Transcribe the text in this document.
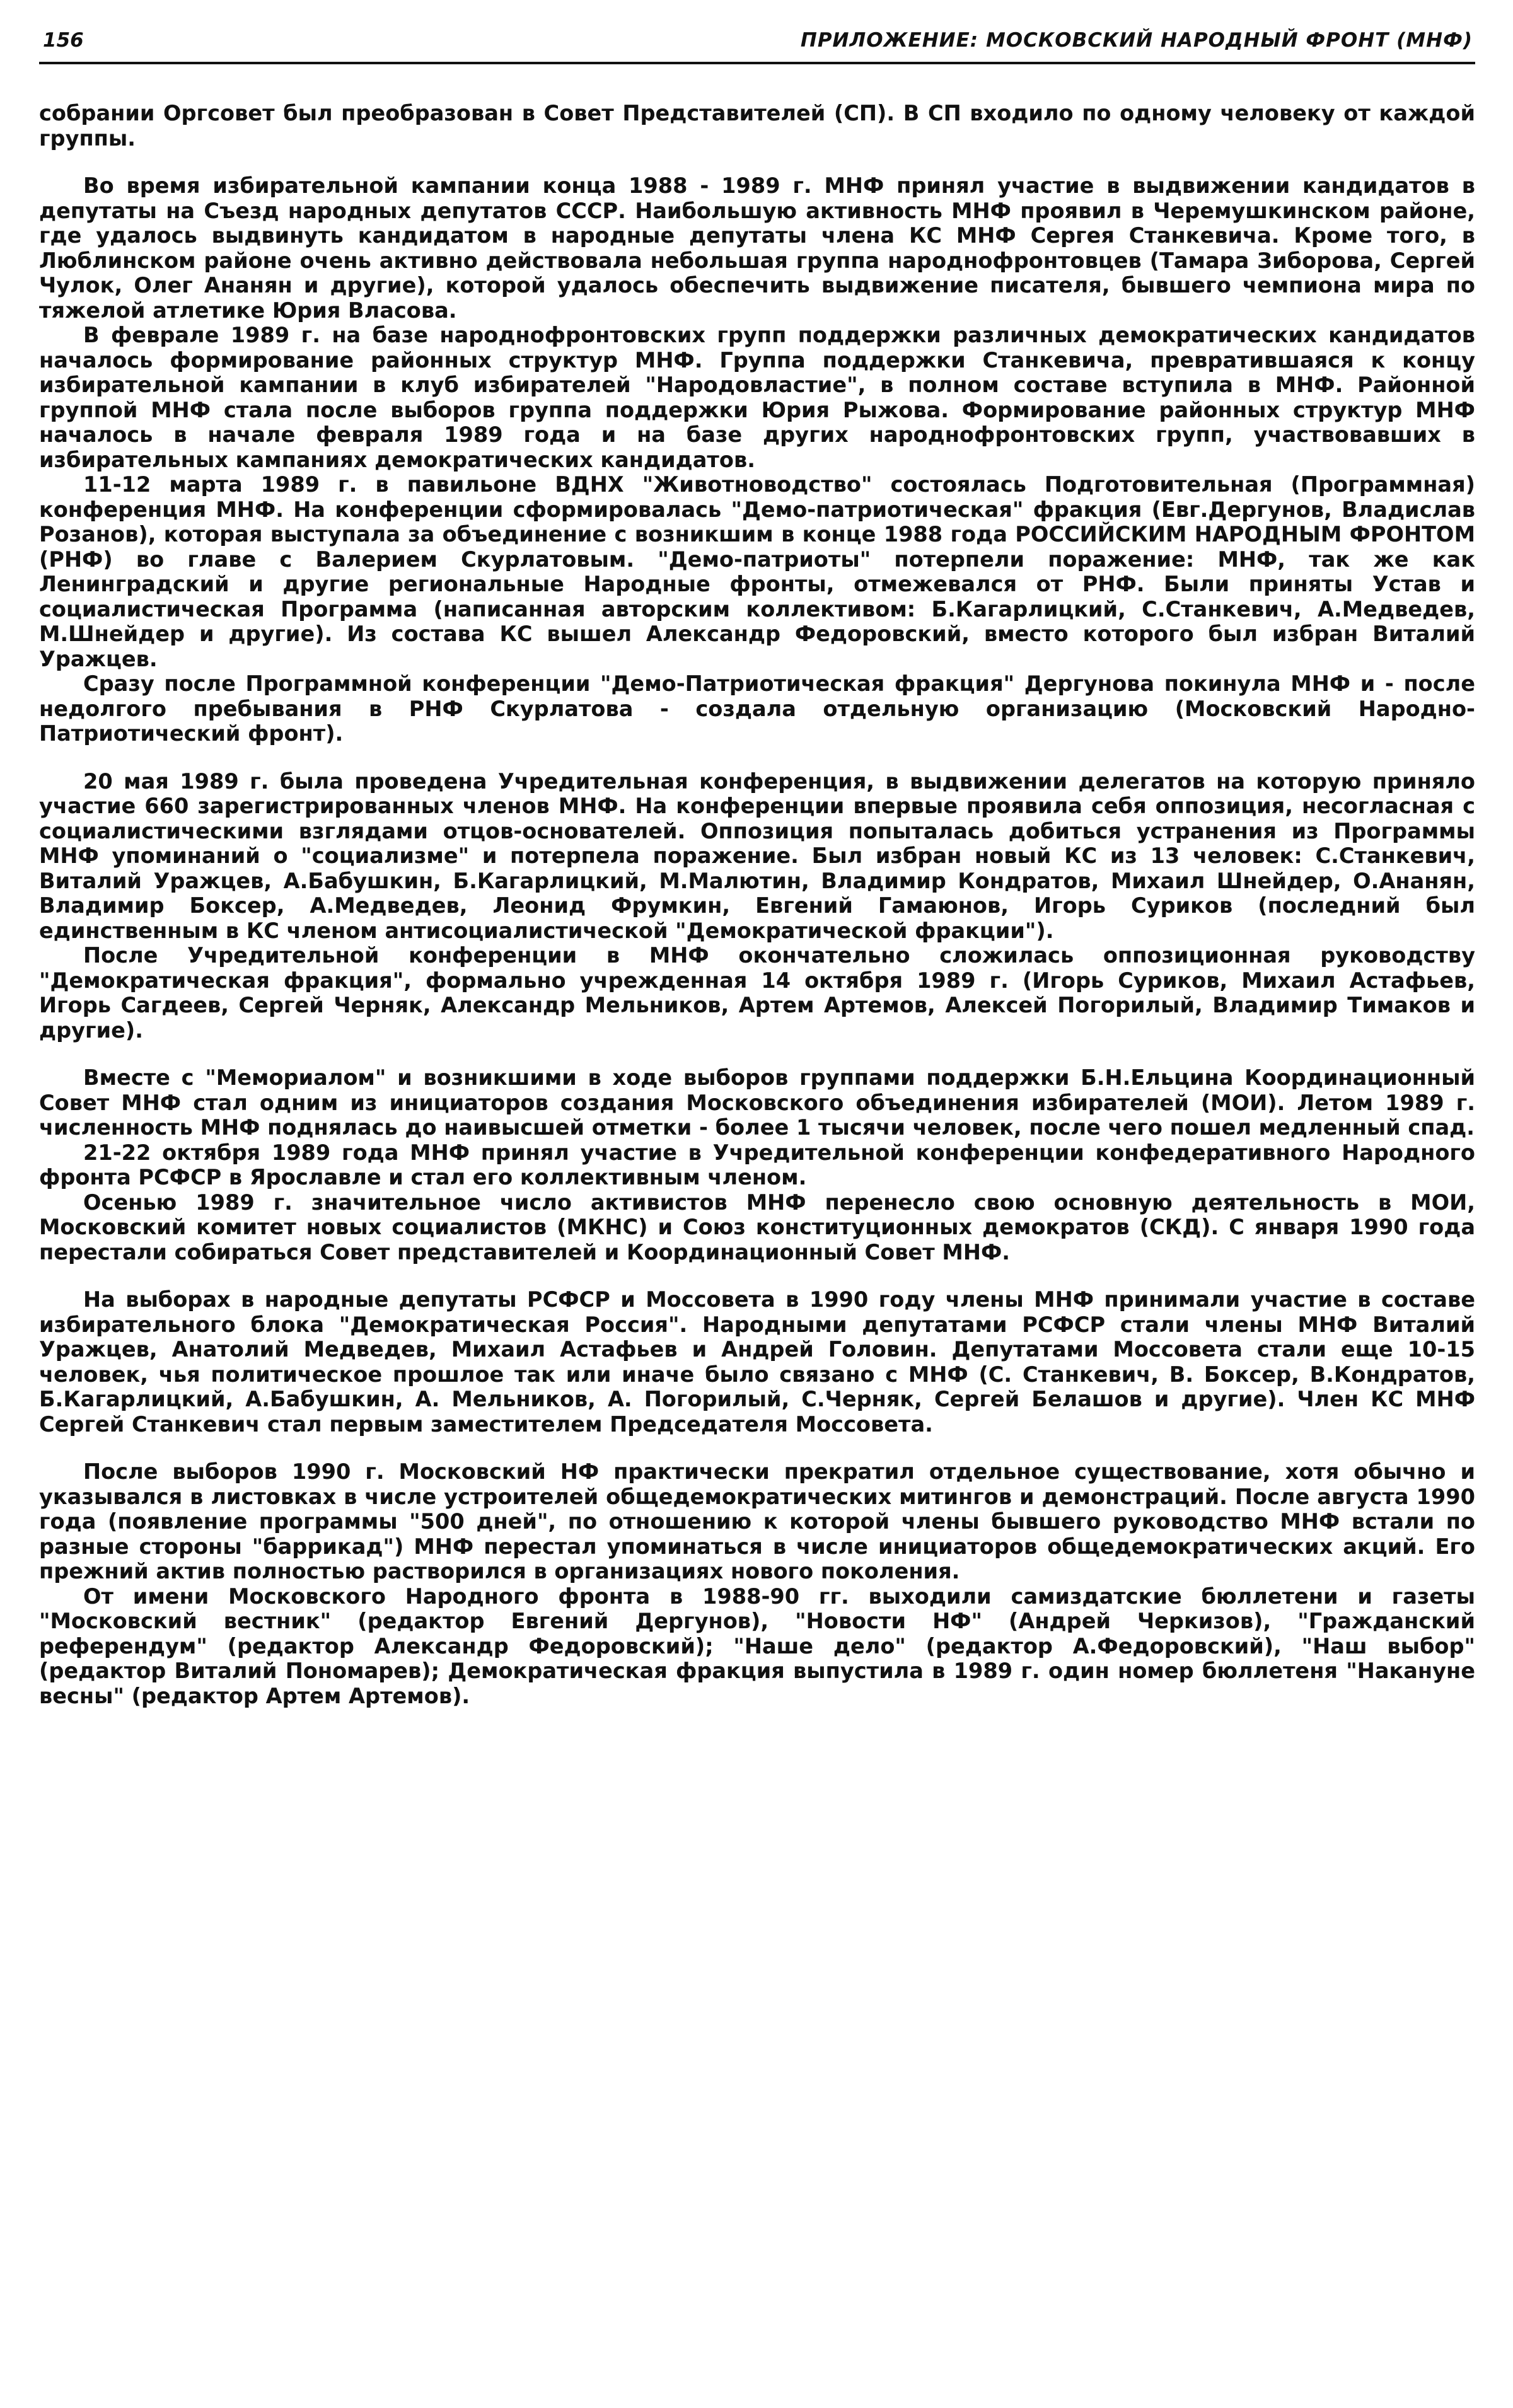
156	ПРИЛОЖЕНИЕ: МОСКОВСКИЙ НАРОДНЫЙ ФРОНТ (МНФ)

собрании Оргсовет был преобразован в Совет Представителей (СП). В СП входило по одному человеку от каждой группы.

Во время избирательной кампании конца 1988 - 1989 г. МНФ принял участие в выдвижении кандидатов в депутаты на Съезд народных депутатов СССР. Наибольшую активность МНФ проявил в Черемушкинском районе, где удалось выдвинуть кандидатом в народные депутаты члена КС МНФ Сергея Станкевича. Кроме того, в Люблинском районе очень активно действовала небольшая группа народнофронтовцев (Тамара Зиборова, Сергей Чулок, Олег Ананян и другие), которой удалось обеспечить выдвижение писателя, бывшего чемпиона мира по тяжелой атлетике Юрия Власова.

В феврале 1989 г. на базе народнофронтовских групп поддержки различных демократических кандидатов началось формирование районных структур МНФ. Группа поддержки Станкевича, превратившаяся к концу избирательной кампании в клуб избирателей "Народовластие", в полном составе вступила в МНФ. Районной группой МНФ стала после выборов группа поддержки Юрия Рыжова. Формирование районных структур МНФ началось в начале февраля 1989 года и на базе других народнофронтовских групп, участвовавших в избирательных кампаниях демократических кандидатов.

11-12 марта 1989 г. в павильоне ВДНХ "Животноводство" состоялась Подготовительная (Программная) конференция МНФ. На конференции сформировалась "Демо-патриотическая" фракция (Евг.Дергунов, Владислав Розанов), которая выступала за объединение с возникшим в конце 1988 года РОССИЙСКИМ НАРОДНЫМ ФРОНТОМ (РНФ) во главе с Валерием Скурлатовым. "Демо-патриоты" потерпели поражение: МНФ, так же как Ленинградский и другие региональные Народные фронты, отмежевался от РНФ. Были приняты Устав и социалистическая Программа (написанная авторским коллективом: Б.Кагарлицкий, С.Станкевич, А.Медведев, М.Шнейдер и другие). Из состава КС вышел Александр Федоровский, вместо которого был избран Виталий Уражцев.

Сразу после Программной конференции "Демо-Патриотическая фракция" Дергунова покинула МНФ и - после недолгого пребывания в РНФ Скурлатова - создала отдельную организацию (Московский Народно-Патриотический фронт).

20 мая 1989 г. была проведена Учредительная конференция, в выдвижении делегатов на которую приняло участие 660 зарегистрированных членов МНФ. На конференции впервые проявила себя оппозиция, несогласная с социалистическими взглядами отцов-основателей. Оппозиция попыталась добиться устранения из Программы МНФ упоминаний о "социализме" и потерпела поражение. Был избран новый КС из 13 человек: С.Станкевич, Виталий Уражцев, А.Бабушкин, Б.Кагарлицкий, М.Малютин, Владимир Кондратов, Михаил Шнейдер, О.Ананян, Владимир Боксер, А.Медведев, Леонид Фрумкин, Евгений Гамаюнов, Игорь Суриков (последний был единственным в КС членом антисоциалистической "Демократической фракции").

После Учредительной конференции в МНФ окончательно сложилась оппозиционная руководству "Демократическая фракция", формально учрежденная 14 октября 1989 г. (Игорь Суриков, Михаил Астафьев, Игорь Сагдеев, Сергей Черняк, Александр Мельников, Артем Артемов, Алексей Погорилый, Владимир Тимаков и другие).

Вместе с "Мемориалом" и возникшими в ходе выборов группами поддержки Б.Н.Ельцина Координационный Совет МНФ стал одним из инициаторов создания Московского объединения избирателей (МОИ). Летом 1989 г. численность МНФ поднялась до наивысшей отметки - более 1 тысячи человек, после чего пошел медленный спад.

21-22 октября 1989 года МНФ принял участие в Учредительной конференции конфедеративного Народного фронта РСФСР в Ярославле и стал его коллективным членом.

Осенью 1989 г. значительное число активистов МНФ перенесло свою основную деятельность в МОИ, Московский комитет новых социалистов (МКНС) и Союз конституционных демократов (СКД). С января 1990 года перестали собираться Совет представителей и Координационный Совет МНФ.

На выборах в народные депутаты РСФСР и Моссовета в 1990 году члены МНФ принимали участие в составе избирательного блока "Демократическая Россия". Народными депутатами РСФСР стали члены МНФ Виталий Уражцев, Анатолий Медведев, Михаил Астафьев и Андрей Головин. Депутатами Моссовета стали еще 10-15 человек, чья политическое прошлое так или иначе было связано с МНФ (С. Станкевич, В. Боксер, В.Кондратов, Б.Кагарлицкий, А.Бабушкин, А. Мельников, А. Погорилый, С.Черняк, Сергей Белашов и другие). Член КС МНФ Сергей Станкевич стал первым заместителем Председателя Моссовета.

После выборов 1990 г. Московский НФ практически прекратил отдельное существование, хотя обычно и указывался в листовках в числе устроителей общедемократических митингов и демонстраций. После августа 1990 года (появление программы "500 дней", по отношению к которой члены бывшего руководство МНФ встали по разные стороны "баррикад") МНФ перестал упоминаться в числе инициаторов общедемократических акций. Его прежний актив полностью растворился в организациях нового поколения.

От имени Московского Народного фронта в 1988-90 гг. выходили самиздатские бюллетени и газеты "Московский вестник" (редактор Евгений Дергунов), "Новости НФ" (Андрей Черкизов), "Гражданский референдум" (редактор Александр Федоровский); "Наше дело" (редактор А.Федоровский), "Наш выбор" (редактор Виталий Пономарев); Демократическая фракция выпустила в 1989 г. один номер бюллетеня "Накануне весны" (редактор Артем Артемов).
